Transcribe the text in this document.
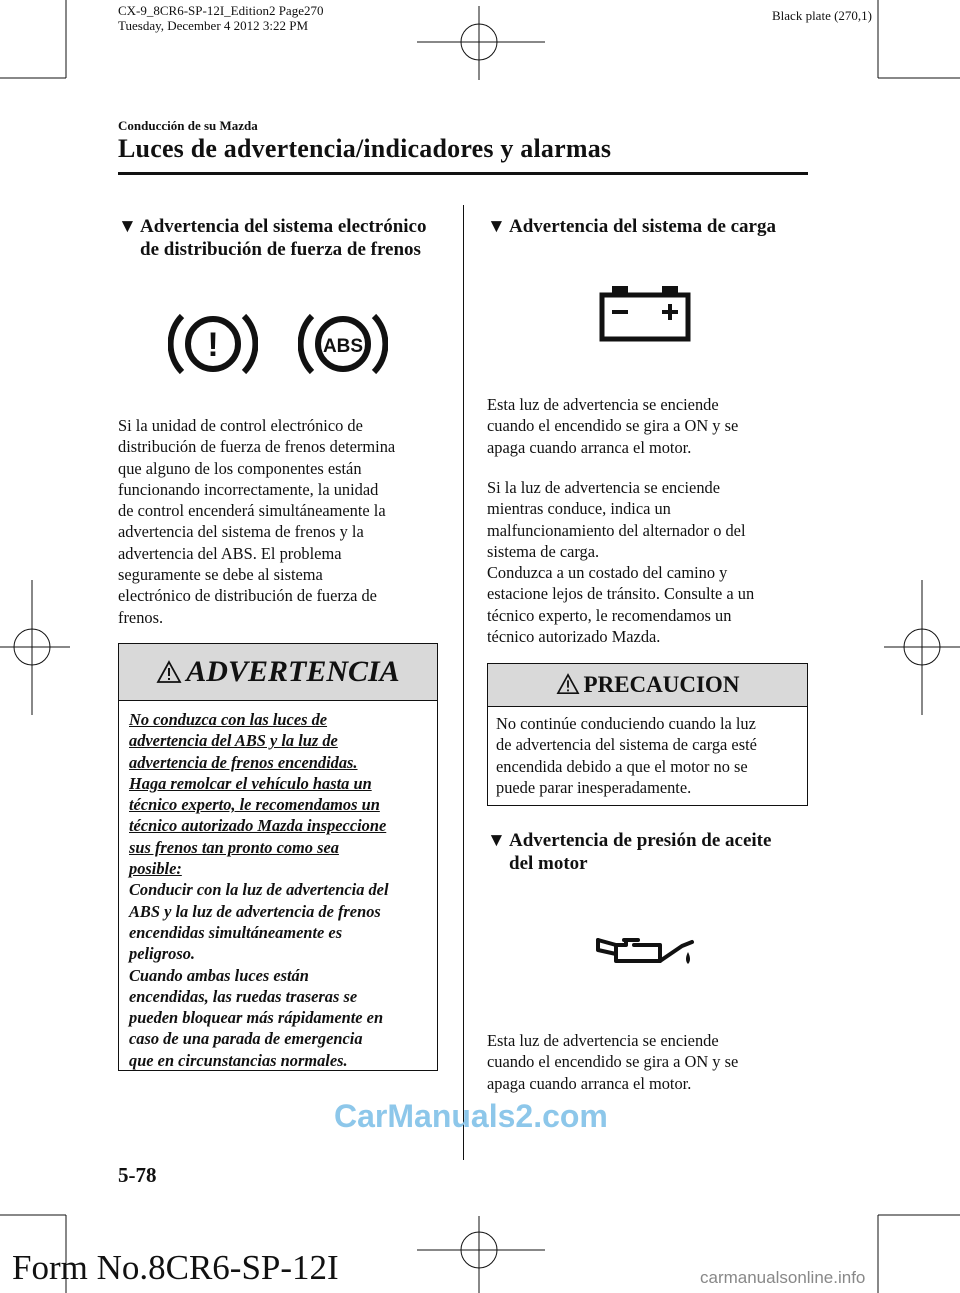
CX-9_8CR6-SP-12I_Edition2 Page270
Tuesday, December 4 2012 3:22 PM
Black plate (270,1)
Conducción de su Mazda
Luces de advertencia/indicadores y alarmas
▼ Advertencia del sistema electrónico
de distribución de fuerza de frenos
!	ABS
Si la unidad de control electrónico de
distribución de fuerza de frenos determina
que alguno de los componentes están
funcionando incorrectamente, la unidad
de control encenderá simultáneamente la
advertencia del sistema de frenos y la
advertencia del ABS. El problema
seguramente se debe al sistema
electrónico de distribución de fuerza de
frenos.
ADVERTENCIA
No conduzca con las luces de
advertencia del ABS y la luz de
advertencia de frenos encendidas.
Haga remolcar el vehículo hasta un
técnico experto, le recomendamos un
técnico autorizado Mazda inspeccione
sus frenos tan pronto como sea
posible:
Conducir con la luz de advertencia del
ABS y la luz de advertencia de frenos
encendidas simultáneamente es
peligroso.
Cuando ambas luces están
encendidas, las ruedas traseras se
pueden bloquear más rápidamente en
caso de una parada de emergencia
que en circunstancias normales.
▼ Advertencia del sistema de carga
Esta luz de advertencia se enciende
cuando el encendido se gira a ON y se
apaga cuando arranca el motor.
Si la luz de advertencia se enciende
mientras conduce, indica un
malfuncionamiento del alternador o del
sistema de carga.
Conduzca a un costado del camino y
estacione lejos de tránsito. Consulte a un
técnico experto, le recomendamos un
técnico autorizado Mazda.
PRECAUCION
No continúe conduciendo cuando la luz
de advertencia del sistema de carga esté
encendida debido a que el motor no se
puede parar inesperadamente.
▼ Advertencia de presión de aceite
del motor
Esta luz de advertencia se enciende
cuando el encendido se gira a ON y se
apaga cuando arranca el motor.
5-78
CarManuals2.com
Form No.8CR6-SP-12I	carmanualsonline.info
